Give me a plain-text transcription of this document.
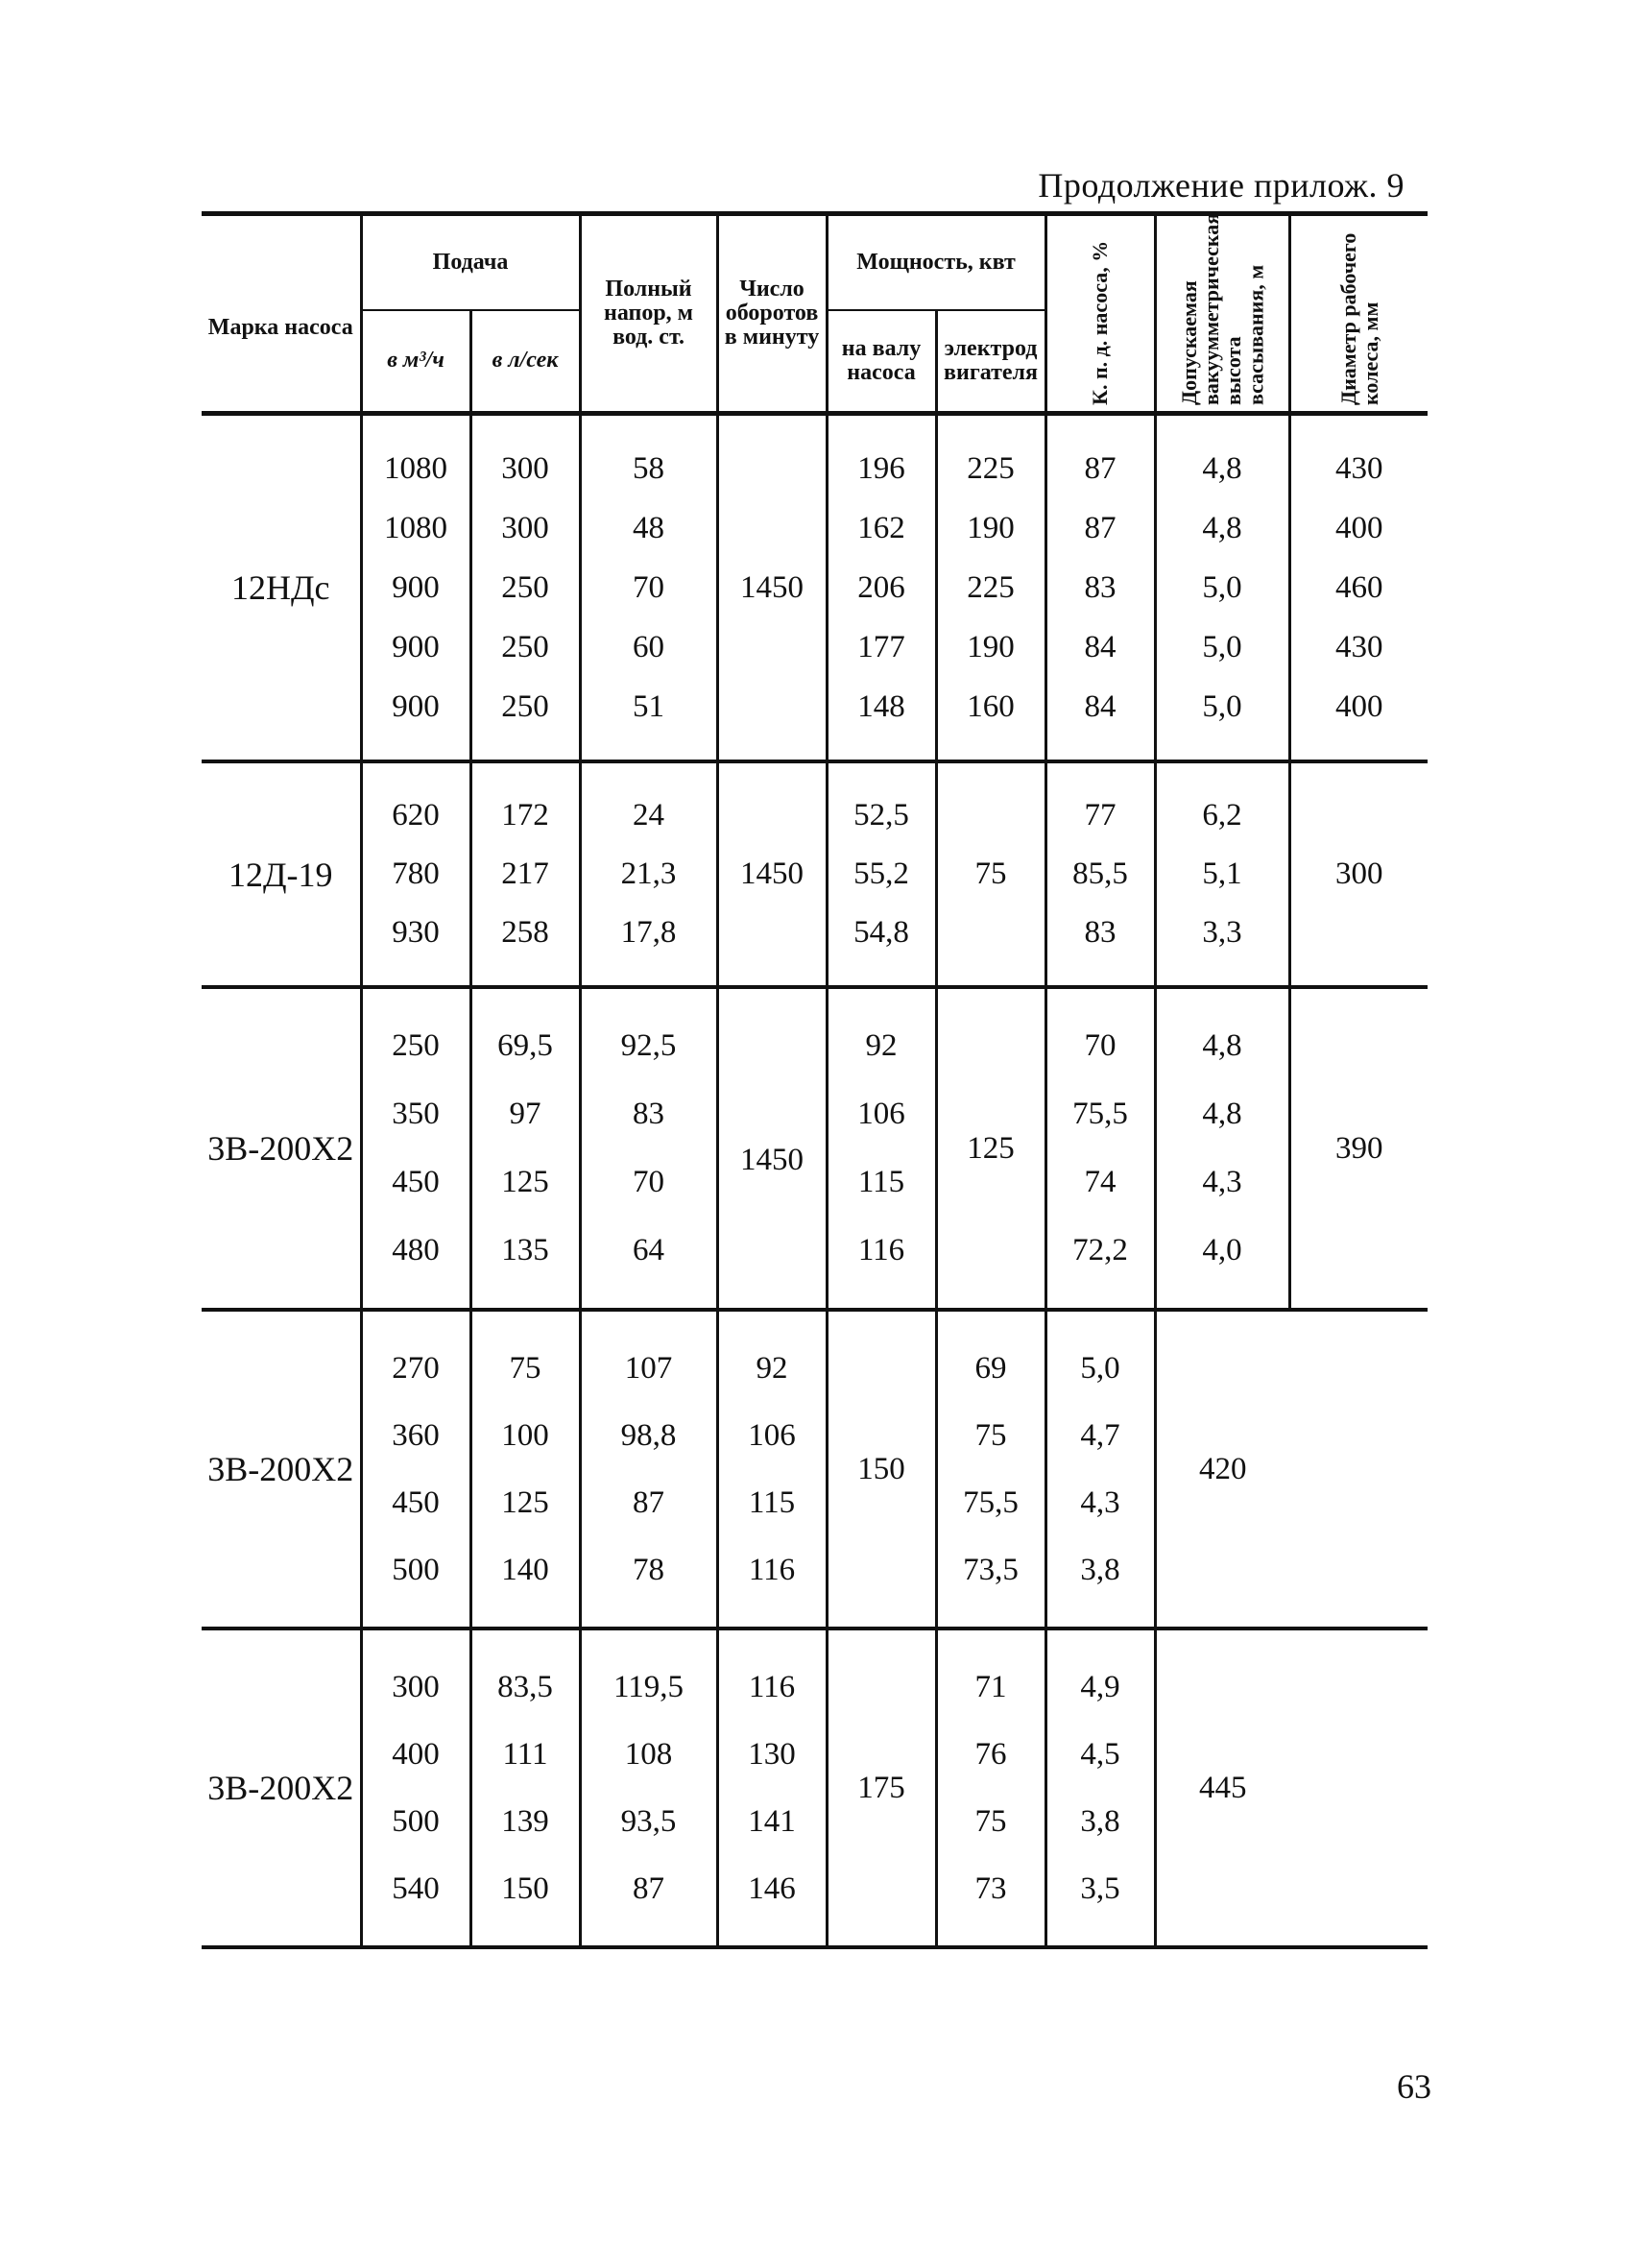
Продолжение прилож. 9
Марка насоса	Подача		Полный напор, м вод. ст.	Число оборотов в минуту	Мощность, квт		К. п. д. насоса, %	Допускаемая вакуумметрическая высота всасывания, м	Диаметр рабочего колеса, мм

	в м³/ч	в л/сек			на валу насоса	электродвигателя			

12НДс	1080	300	58	1450	196	225	87	4,8	430
	1080	300	48		162	190	87	4,8	400
	900	250	70		206	225	83	5,0	460
	900	250	60		177	190	84	5,0	430
	900	250	51		148	160	84	5,0	400

12Д-19	620	172	24	1450	52,5	75	77	6,2	300
	780	217	21,3		55,2		85,5	5,1	
	930	258	17,8		54,8		83	3,3	

3В-200X2	250	69,5	92,5	1450	92	125	70	4,8	390
	350	97	83		106		75,5	4,8	
	450	125	70		115		74	4,3	
	480	135	64		116		72,2	4,0	

3В-200X2	270	75	107	92	150	69	5,0	420	
	360	100	98,8	106		75	4,7		
	450	125	87	115		75,5	4,3		
	500	140	78	116		73,5	3,8		

3В-200X2	300	83,5	119,5	116	175	71	4,9	445	
	400	111	108	130		76	4,5		
	500	139	93,5	141		75	3,8		
	540	150	87	146		73	3,5		

63
